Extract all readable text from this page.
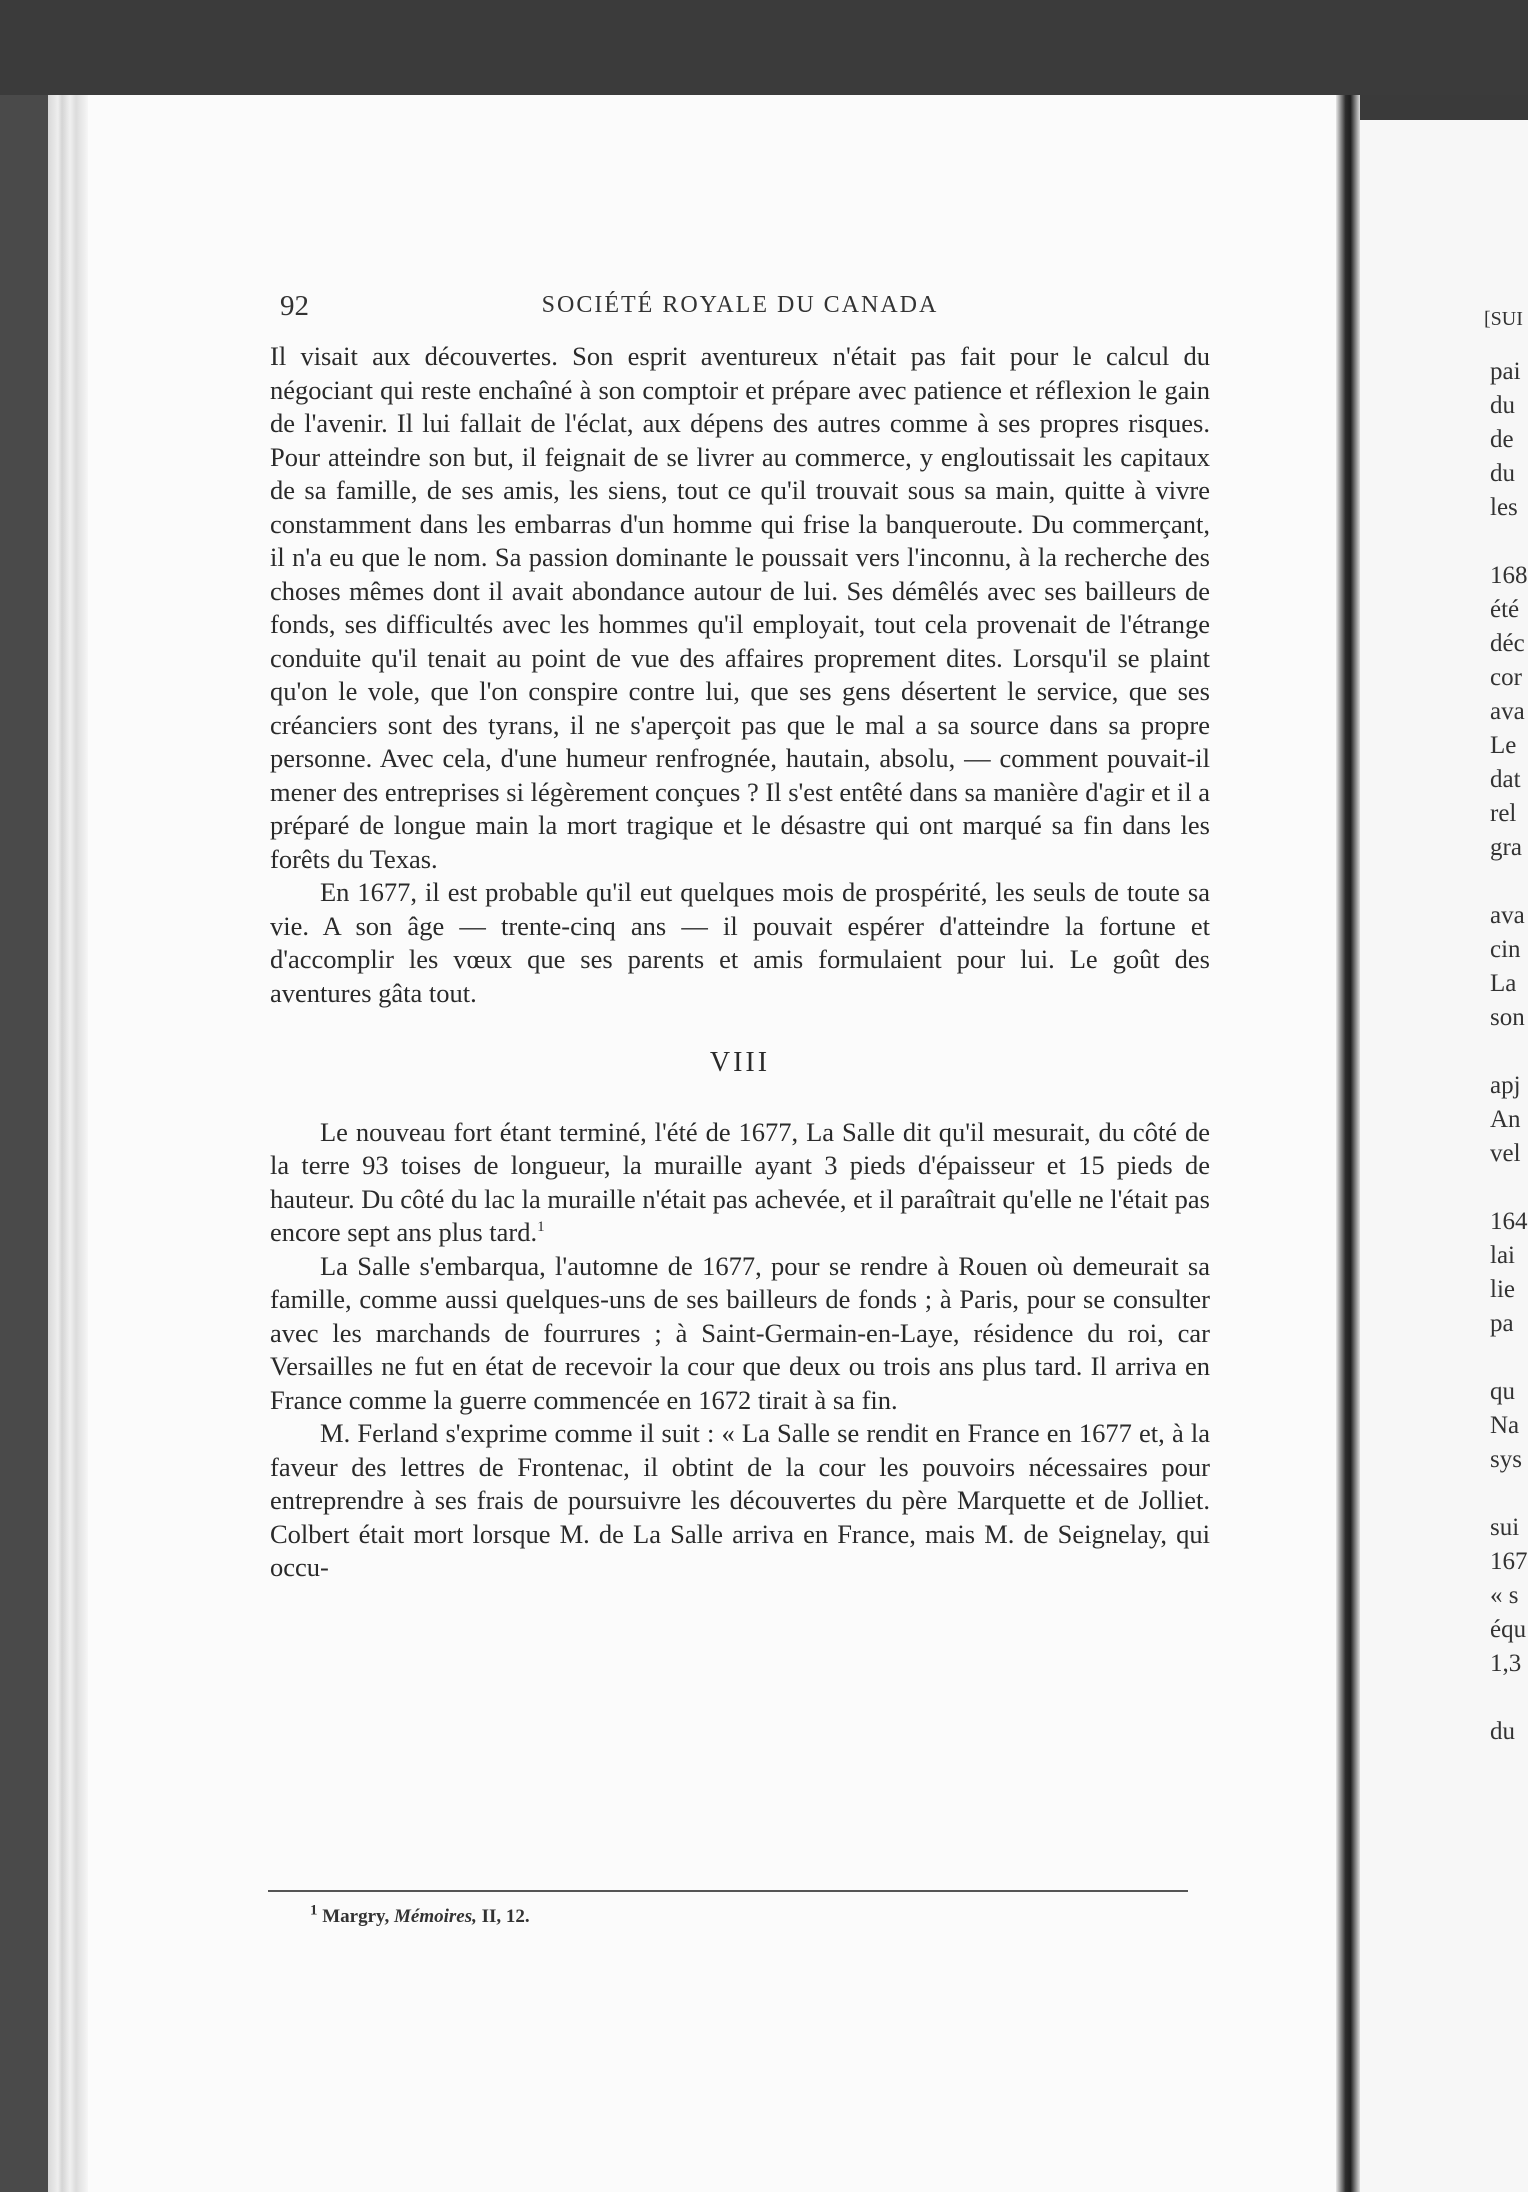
92	SOCIÉTÉ ROYALE DU CANADA

Il visait aux découvertes. Son esprit aventureux n'était pas fait pour le calcul du négociant qui reste enchaîné à son comptoir et prépare avec patience et réflexion le gain de l'avenir. Il lui fallait de l'éclat, aux dépens des autres comme à ses propres risques. Pour atteindre son but, il feignait de se livrer au commerce, y engloutissait les capitaux de sa famille, de ses amis, les siens, tout ce qu'il trouvait sous sa main, quitte à vivre constamment dans les embarras d'un homme qui frise la banqueroute. Du commerçant, il n'a eu que le nom. Sa passion dominante le poussait vers l'inconnu, à la recherche des choses mêmes dont il avait abondance autour de lui. Ses démêlés avec ses bailleurs de fonds, ses difficultés avec les hommes qu'il employait, tout cela provenait de l'étrange conduite qu'il tenait au point de vue des affaires proprement dites. Lorsqu'il se plaint qu'on le vole, que l'on conspire contre lui, que ses gens désertent le service, que ses créanciers sont des tyrans, il ne s'aperçoit pas que le mal a sa source dans sa propre personne. Avec cela, d'une humeur renfrognée, hautain, absolu, — comment pouvait-il mener des entreprises si légèrement conçues ? Il s'est entêté dans sa manière d'agir et il a préparé de longue main la mort tragique et le désastre qui ont marqué sa fin dans les forêts du Texas.

En 1677, il est probable qu'il eut quelques mois de prospérité, les seuls de toute sa vie. A son âge — trente-cinq ans — il pouvait espérer d'atteindre la fortune et d'accomplir les vœux que ses parents et amis formulaient pour lui. Le goût des aventures gâta tout.

VIII

Le nouveau fort étant terminé, l'été de 1677, La Salle dit qu'il mesurait, du côté de la terre 93 toises de longueur, la muraille ayant 3 pieds d'épaisseur et 15 pieds de hauteur. Du côté du lac la muraille n'était pas achevée, et il paraîtrait qu'elle ne l'était pas encore sept ans plus tard.$^1$

La Salle s'embarqua, l'automne de 1677, pour se rendre à Rouen où demeurait sa famille, comme aussi quelques-uns de ses bailleurs de fonds ; à Paris, pour se consulter avec les marchands de fourrures ; à Saint-Germain-en-Laye, résidence du roi, car Versailles ne fut en état de recevoir la cour que deux ou trois ans plus tard. Il arriva en France comme la guerre commencée en 1672 tirait à sa fin.

M. Ferland s'exprime comme il suit : « La Salle se rendit en France en 1677 et, à la faveur des lettres de Frontenac, il obtint de la cour les pouvoirs nécessaires pour entreprendre à ses frais de poursuivre les découvertes du père Marquette et de Jolliet. Colbert était mort lorsque M. de La Salle arriva en France, mais M. de Seignelay, qui occu-

$^1$ Margry, Mémoires, II, 12.
[SUI
pai
du
de
du
les

168
été
déc
cor
ava
Le
dat
rel
gra

ava
cin
La
son

apj
An
vel

164
lai
lie
pa

qu
Na
sys

sui
167
« s
équ
1,3

du
